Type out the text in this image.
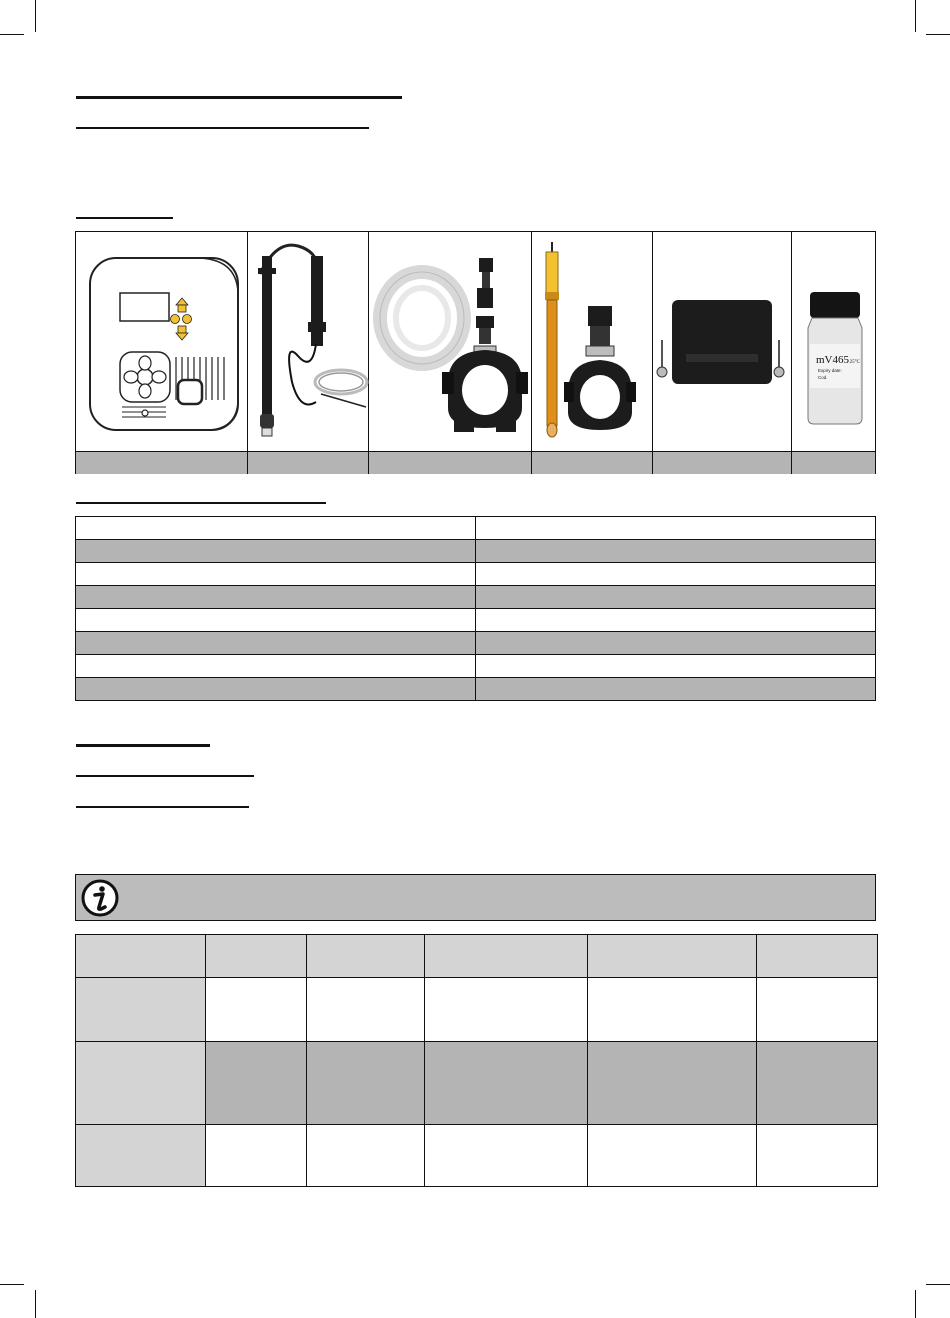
mV465
/ 25°C
Expiry date:
Cod.
